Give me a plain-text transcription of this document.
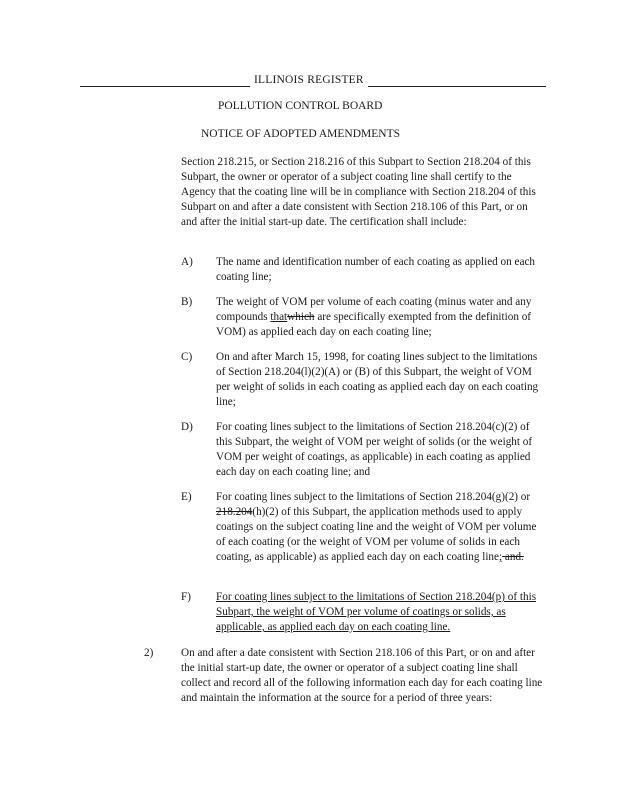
ILLINOIS REGISTER
POLLUTION CONTROL BOARD
NOTICE OF ADOPTED AMENDMENTS

Section 218.215, or Section 218.216 of this Subpart to Section 218.204 of this Subpart, the owner or operator of a subject coating line shall certify to the Agency that the coating line will be in compliance with Section 218.204 of this Subpart on and after a date consistent with Section 218.106 of this Part, or on and after the initial start-up date. The certification shall include:

A) The name and identification number of each coating as applied on each coating line;

B) The weight of VOM per volume of each coating (minus water and any compounds thatwhich are specifically exempted from the definition of VOM) as applied each day on each coating line;

C) On and after March 15, 1998, for coating lines subject to the limitations of Section 218.204(l)(2)(A) or (B) of this Subpart, the weight of VOM per weight of solids in each coating as applied each day on each coating line;

D) For coating lines subject to the limitations of Section 218.204(c)(2) of this Subpart, the weight of VOM per weight of solids (or the weight of VOM per weight of coatings, as applicable) in each coating as applied each day on each coating line; and

E) For coating lines subject to the limitations of Section 218.204(g)(2) or 218.204(h)(2) of this Subpart, the application methods used to apply coatings on the subject coating line and the weight of VOM per volume of each coating (or the weight of VOM per volume of solids in each coating, as applicable) as applied each day on each coating line; and.

F) For coating lines subject to the limitations of Section 218.204(p) of this Subpart, the weight of VOM per volume of coatings or solids, as applicable, as applied each day on each coating line.

2) On and after a date consistent with Section 218.106 of this Part, or on and after the initial start-up date, the owner or operator of a subject coating line shall collect and record all of the following information each day for each coating line and maintain the information at the source for a period of three years:
